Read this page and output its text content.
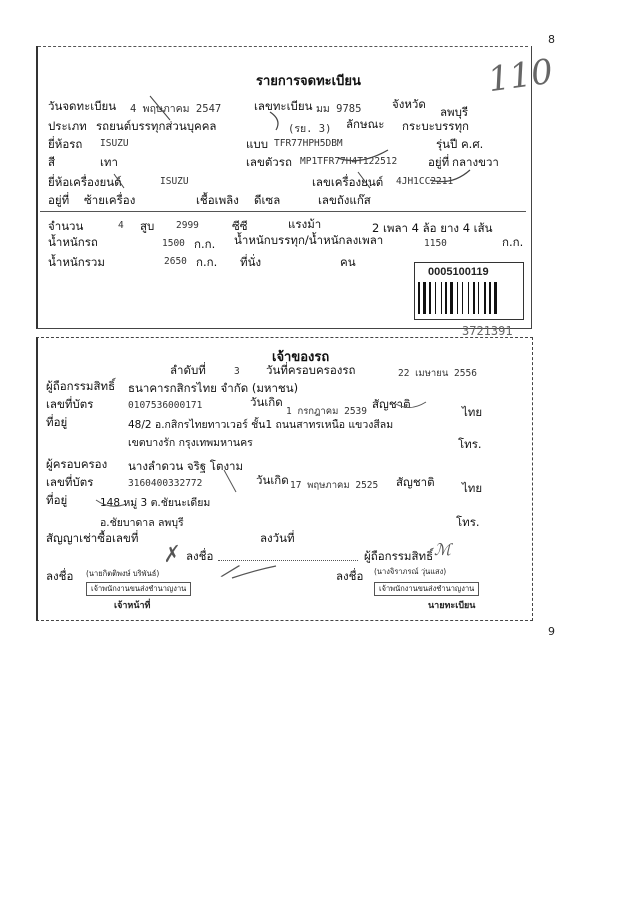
8
110
9
รายการจดทะเบียน
วันจดทะเบียน 4 พฤษภาคม 2547	เลขทะเบียน มม 9785	จังหวัด
ลพบุรี
ประเภท รถยนต์บรรทุกส่วนบุคคล	(รย. 3) ลักษณะ กระบะบรรทุก
ยี่ห้อรถ ISUZU	แบบ TFR77HPH5DBM	รุ่นปี ค.ศ.
สี	เทา	เลขตัวรถ MP1TFR77H4T122512	อยู่ที่ กลางขวา
ยี่ห้อเครื่องยนต์	ISUZU	เลขเครื่องยนต์ 4JH1CC2211
อยู่ที่ ซ้ายเครื่อง	เชื้อเพลิง ดีเซล	เลขถังแก๊ส
จำนวน	4 สูบ 2999	ซีซี	แรงม้า	2 เพลา 4 ล้อ ยาง 4 เส้น
น้ำหนักรถ	1500 ก.ก. น้ำหนักบรรทุก/น้ำหนักลงเพลา	1150	ก.ก.
น้ำหนักรวม	2650 ก.ก. ที่นั่ง	คน
0005100119
3721391
เจ้าของรถ
ลำดับที่	3 วันที่ครอบครองรถ	22 เมษายน 2556
ผู้ถือกรรมสิทธิ์ ธนาคารกสิกรไทย จำกัด (มหาชน)
เลขที่บัตร	0107536000171	วันเกิด
1 กรกฎาคม 2539
สัญชาติ
ไทย
ที่อยู่	48/2 อ.กสิกรไทยทาวเวอร์ ชั้น1 ถนนสาทรเหนือ แขวงสีลม
เขตบางรัก กรุงเทพมหานคร	โทร.
ผู้ครอบครอง นางลำดวน จริฐ โตงาม
เลขที่บัตร	3160400332772	วันเกิด 17 พฤษภาคม 2525 สัญชาติ ไทย
ที่อยู่	148 หมู่ 3 ต.ชัยนะเดียม
อ.ชัยบาดาล ลพบุรี	โทร.
สัญญาเช่าซื้อเลขที่	ลงวันที่
ลงชื่อ	ผู้ถือกรรมสิทธิ์
✗	ℳ
ลงชื่อ (นายกิตติพงษ์ บริพันธ์)
เจ้าพนักงานขนส่งชำนาญงาน
เจ้าหน้าที่
⁄	ลงชื่อ (นางจิราภรณ์ วุ่นแสง)
เจ้าพนักงานขนส่งชำนาญงาน
นายทะเบียน
